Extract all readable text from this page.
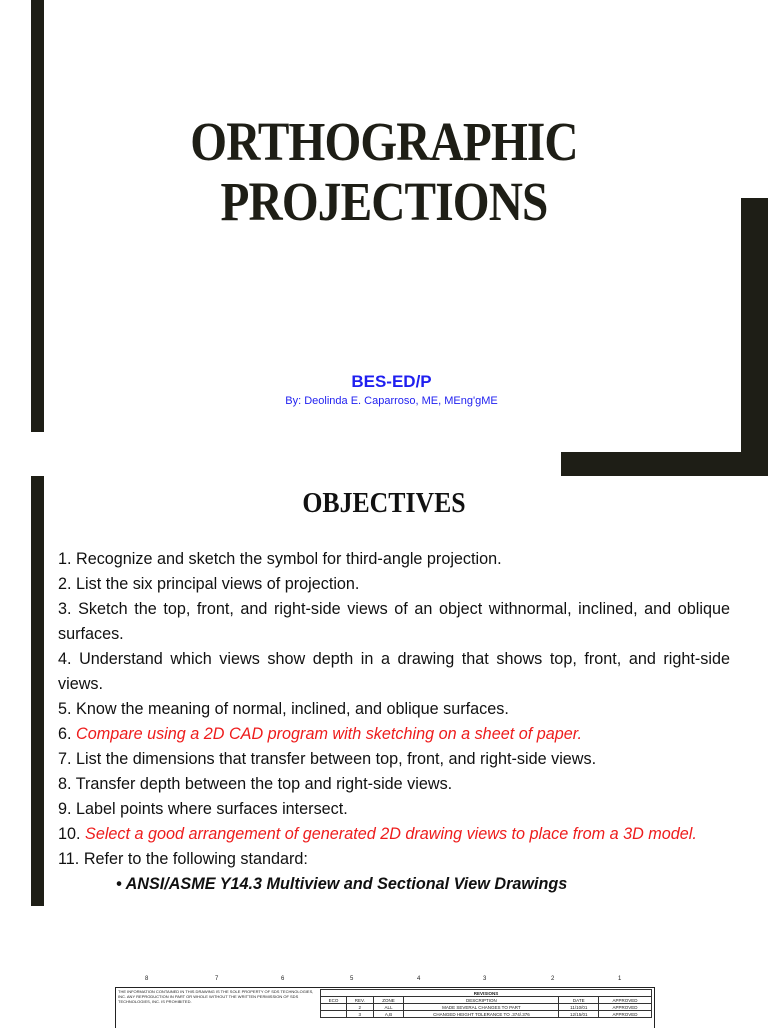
ORTHOGRAPHIC
PROJECTIONS
BES-ED/P
By: Deolinda E. Caparroso, ME, MEng'gME
OBJECTIVES
1. Recognize and sketch the symbol for third-angle projection.
2. List the six principal views of projection.
3. Sketch the top, front, and right-side views of an object withnormal, inclined, and oblique surfaces.
4. Understand which views show depth in a drawing that shows top, front, and right-side views.
5. Know the meaning of normal, inclined, and oblique surfaces.
6. Compare using a 2D CAD program with sketching on a sheet of paper.
7. List the dimensions that transfer between top, front, and right-side views.
8. Transfer depth between the top and right-side views.
9. Label points where surfaces intersect.
10. Select a good arrangement of generated 2D drawing views to place from a 3D model.
11. Refer to the following standard:
• ANSI/ASME Y14.3 Multiview and Sectional View Drawings
8	7	6	5	4	3	2	1
THE INFORMATION CONTAINED IN THIS DRAWING IS THE SOLE PROPERTY OF SDS TECHNOLOGIES, INC. ANY REPRODUCTION IN PART OR WHOLE WITHOUT THE WRITTEN PERMISSION OF SDS TECHNOLOGIES, INC. IS PROHIBITED.
REVISIONS					
ECO	REV.	ZONE	DESCRIPTION	DATE	APPROVED
	2	ALL	MADE SEVERAL CHANGES TO PART	11/10/01	APPROVED
	3	A,B	CHANGED HEIGHT TOLERANCE TO .374/.376	12/15/01	APPROVED
